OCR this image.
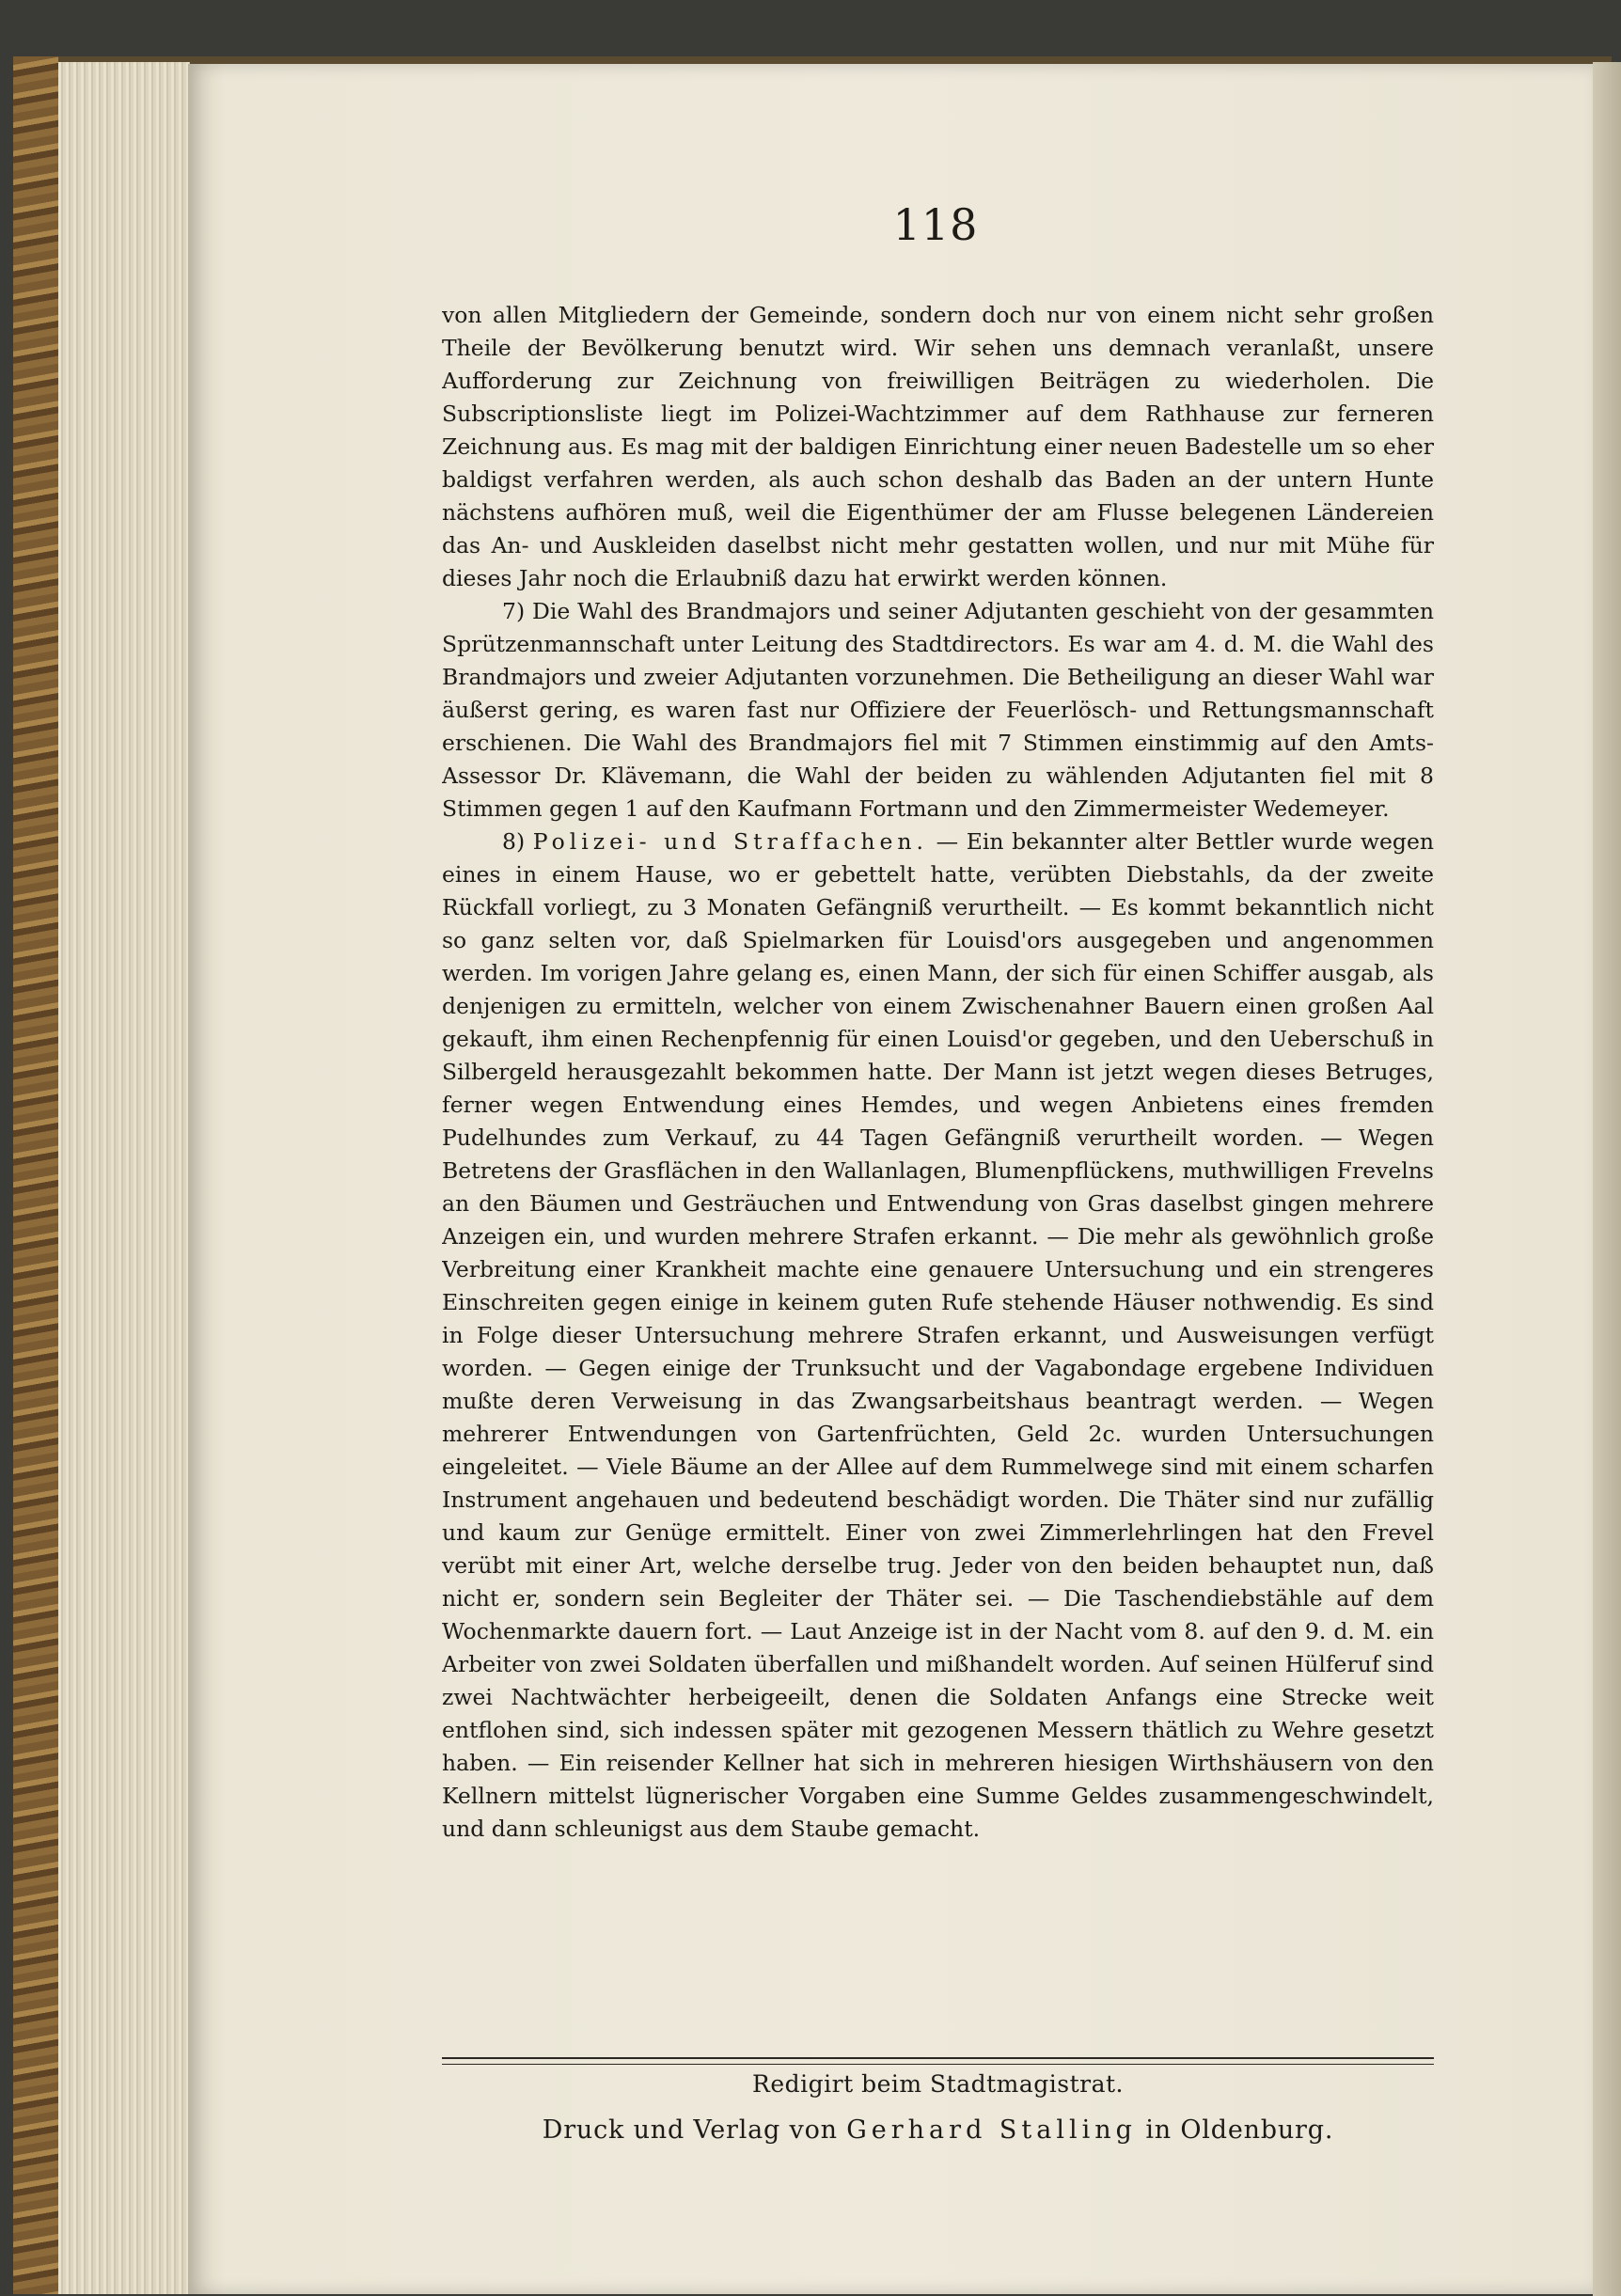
118

von allen Mitgliedern der Gemeinde, sondern doch nur von einem nicht sehr großen Theile der Bevölkerung benutzt wird. Wir sehen uns demnach veranlaßt, unsere Aufforderung zur Zeichnung von freiwilligen Beiträgen zu wiederholen. Die Subscriptionsliste liegt im Polizei-Wachtzimmer auf dem Rathhause zur ferneren Zeichnung aus. Es mag mit der baldigen Einrichtung einer neuen Badestelle um so eher baldigst verfahren werden, als auch schon deshalb das Baden an der untern Hunte nächstens aufhören muß, weil die Eigenthümer der am Flusse belegenen Ländereien das An- und Auskleiden daselbst nicht mehr gestatten wollen, und nur mit Mühe für dieses Jahr noch die Erlaubniß dazu hat erwirkt werden können.

7) Die Wahl des Brandmajors und seiner Adjutanten geschieht von der gesammten Sprützenmannschaft unter Leitung des Stadtdirectors. Es war am 4. d. M. die Wahl des Brandmajors und zweier Adjutanten vorzunehmen. Die Betheiligung an dieser Wahl war äußerst gering, es waren fast nur Offiziere der Feuerlösch- und Rettungsmannschaft erschienen. Die Wahl des Brandmajors fiel mit 7 Stimmen einstimmig auf den Amts-Assessor Dr. Klävemann, die Wahl der beiden zu wählenden Adjutanten fiel mit 8 Stimmen gegen 1 auf den Kaufmann Fortmann und den Zimmermeister Wedemeyer.

8) Polizei- und Straffachen. — Ein bekannter alter Bettler wurde wegen eines in einem Hause, wo er gebettelt hatte, verübten Diebstahls, da der zweite Rückfall vorliegt, zu 3 Monaten Gefängniß verurtheilt. — Es kommt bekanntlich nicht so ganz selten vor, daß Spielmarken für Louisd'ors ausgegeben und angenommen werden. Im vorigen Jahre gelang es, einen Mann, der sich für einen Schiffer ausgab, als denjenigen zu ermitteln, welcher von einem Zwischenahner Bauern einen großen Aal gekauft, ihm einen Rechenpfennig für einen Louisd'or gegeben, und den Ueberschuß in Silbergeld herausgezahlt bekommen hatte. Der Mann ist jetzt wegen dieses Betruges, ferner wegen Entwendung eines Hemdes, und wegen Anbietens eines fremden Pudelhundes zum Verkauf, zu 44 Tagen Gefängniß verurtheilt worden. — Wegen Betretens der Grasflächen in den Wallanlagen, Blumenpflückens, muthwilligen Frevelns an den Bäumen und Gesträuchen und Entwendung von Gras daselbst gingen mehrere Anzeigen ein, und wurden mehrere Strafen erkannt. — Die mehr als gewöhnlich große Verbreitung einer Krankheit machte eine genauere Untersuchung und ein strengeres Einschreiten gegen einige in keinem guten Rufe stehende Häuser nothwendig. Es sind in Folge dieser Untersuchung mehrere Strafen erkannt, und Ausweisungen verfügt worden. — Gegen einige der Trunksucht und der Vagabondage ergebene Individuen mußte deren Verweisung in das Zwangsarbeitshaus beantragt werden. — Wegen mehrerer Entwendungen von Gartenfrüchten, Geld 2c. wurden Untersuchungen eingeleitet. — Viele Bäume an der Allee auf dem Rummelwege sind mit einem scharfen Instrument angehauen und bedeutend beschädigt worden. Die Thäter sind nur zufällig und kaum zur Genüge ermittelt. Einer von zwei Zimmerlehrlingen hat den Frevel verübt mit einer Art, welche derselbe trug. Jeder von den beiden behauptet nun, daß nicht er, sondern sein Begleiter der Thäter sei. — Die Taschendiebstähle auf dem Wochenmarkte dauern fort. — Laut Anzeige ist in der Nacht vom 8. auf den 9. d. M. ein Arbeiter von zwei Soldaten überfallen und mißhandelt worden. Auf seinen Hülferuf sind zwei Nachtwächter herbeigeeilt, denen die Soldaten Anfangs eine Strecke weit entflohen sind, sich indessen später mit gezogenen Messern thätlich zu Wehre gesetzt haben. — Ein reisender Kellner hat sich in mehreren hiesigen Wirthshäusern von den Kellnern mittelst lügnerischer Vorgaben eine Summe Geldes zusammengeschwindelt, und dann schleunigst aus dem Staube gemacht.

Redigirt beim Stadtmagistrat.
Druck und Verlag von Gerhard Stalling in Oldenburg.
